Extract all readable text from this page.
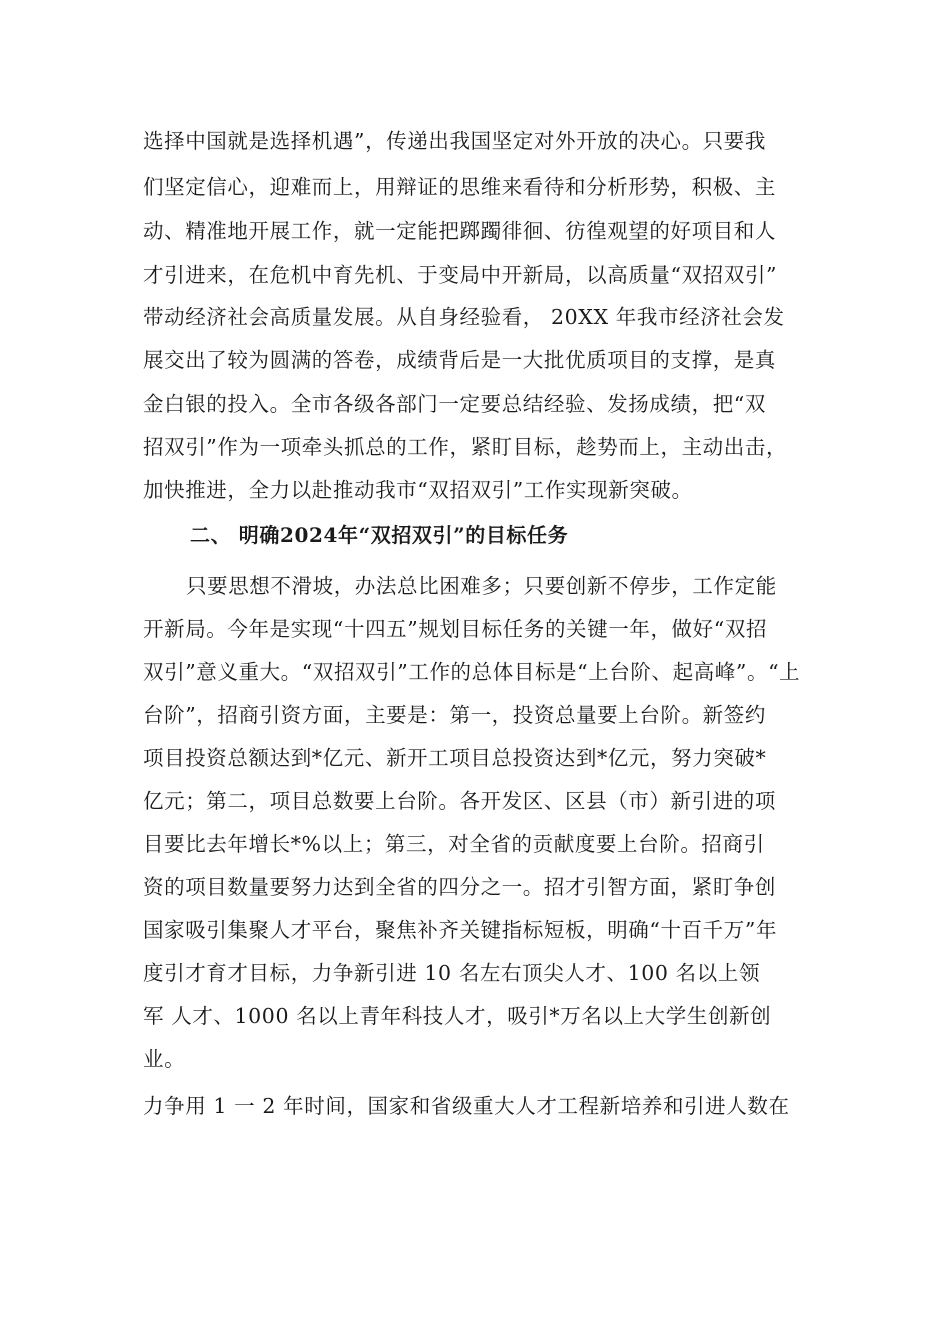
选择中国就是选择机遇”，传递出我国坚定对外开放的决心。只要我
们坚定信心，迎难而上，用辩证的思维来看待和分析形势，积极、主
动、精准地开展工作，就一定能把踯躅徘徊、彷徨观望的好项目和人
才引进来，在危机中育先机、于变局中开新局，以高质量“双招双引”
带动经济社会高质量发展。从自身经验看， 20XX 年我市经济社会发
展交出了较为圆满的答卷，成绩背后是一大批优质项目的支撑，是真
金白银的投入。全市各级各部门一定要总结经验、发扬成绩，把“双
招双引”作为一项牵头抓总的工作，紧盯目标，趁势而上，主动出击，
加快推进，全力以赴推动我市“双招双引”工作实现新突破。
二、 明确2024年“双招双引”的目标任务
只要思想不滑坡，办法总比困难多；只要创新不停步，工作定能
开新局。今年是实现“十四五”规划目标任务的关键一年，做好“双招
双引”意义重大。“双招双引”工作的总体目标是“上台阶、起高峰”。“上
台阶”，招商引资方面，主要是：第一，投资总量要上台阶。新签约
项目投资总额达到*亿元、新开工项目总投资达到*亿元，努力突破*
亿元；第二，项目总数要上台阶。各开发区、区县（市）新引进的项
目要比去年增长*%以上；第三，对全省的贡献度要上台阶。招商引
资的项目数量要努力达到全省的四分之一。招才引智方面，紧盯争创
国家吸引集聚人才平台，聚焦补齐关键指标短板，明确“十百千万”年
度引才育才目标，力争新引进 10 名左右顶尖人才、100 名以上领
军 人才、1000 名以上青年科技人才，吸引*万名以上大学生创新创
业。
力争用 1 一 2 年时间，国家和省级重大人才工程新培养和引进人数在
